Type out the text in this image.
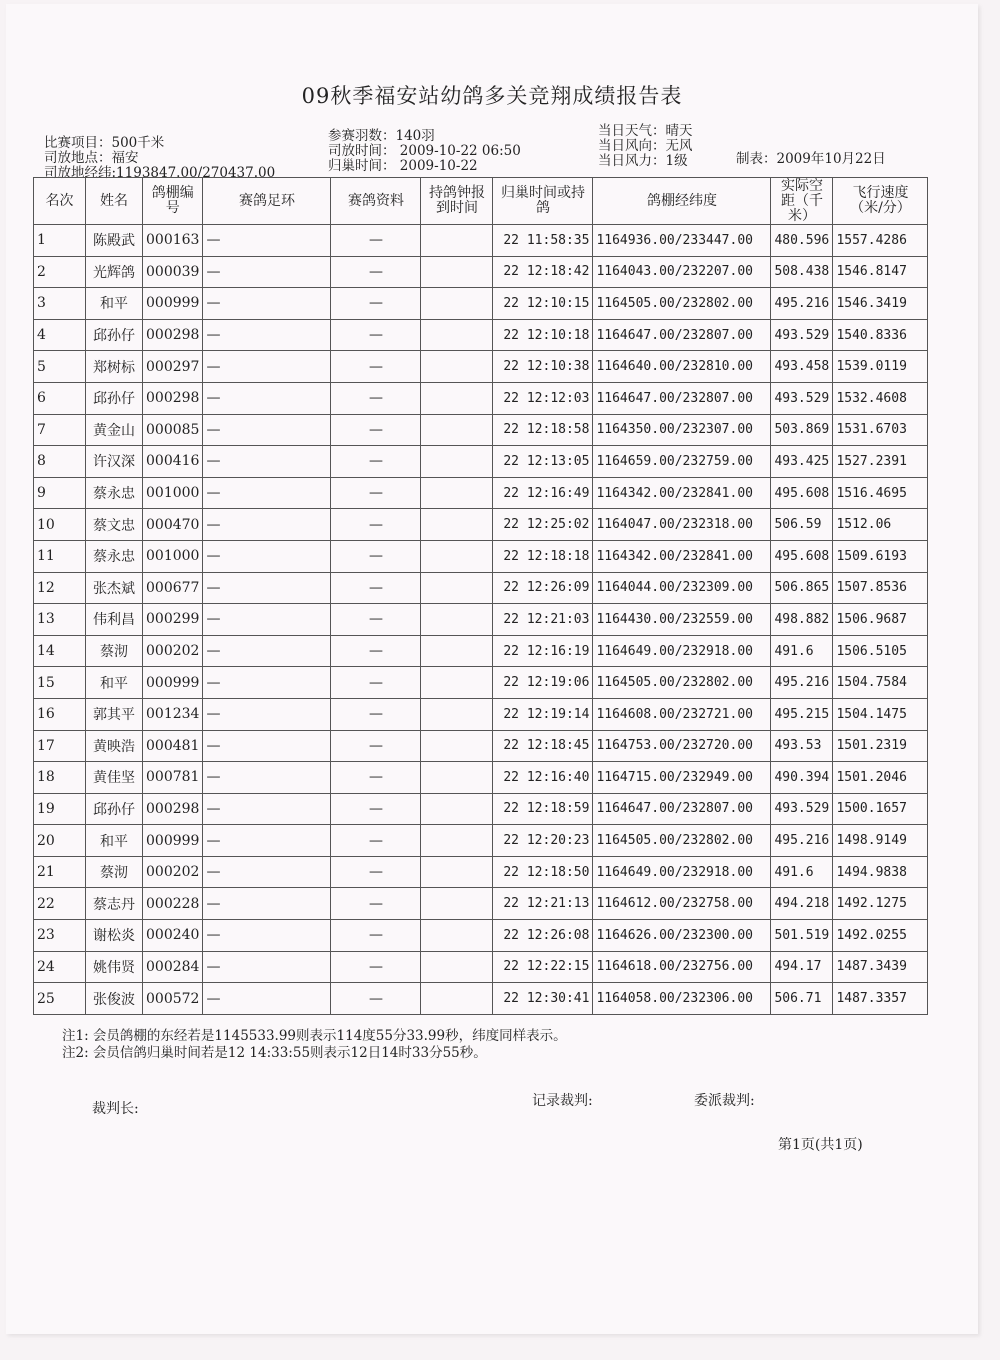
09秋季福安站幼鸽多关竞翔成绩报告表
比赛项目：500千米
司放地点：福安
司放地经纬:1193847.00/270437.00
参赛羽数：140羽
司放时间： 2009-10-22 06:50
归巢时间： 2009-10-22
当日天气：晴天
当日风向：无风
当日风力：1级	制表：2009年10月22日
名次	姓名	鸽棚编号	赛鸽足环	赛鸽资料	持鸽钟报到时间	归巢时间或持鸽	鸽棚经纬度	实际空距（千米）	飞行速度（米/分）
1	陈殿武	000163	—	—		22 11:58:35	1164936.00/233447.00	480.596	1557.4286
2	光辉鸽	000039	—	—		22 12:18:42	1164043.00/232207.00	508.438	1546.8147
3	和平	000999	—	—		22 12:10:15	1164505.00/232802.00	495.216	1546.3419
4	邱孙仔	000298	—	—		22 12:10:18	1164647.00/232807.00	493.529	1540.8336
5	郑树标	000297	—	—		22 12:10:38	1164640.00/232810.00	493.458	1539.0119
6	邱孙仔	000298	—	—		22 12:12:03	1164647.00/232807.00	493.529	1532.4608
7	黄金山	000085	—	—		22 12:18:58	1164350.00/232307.00	503.869	1531.6703
8	许汉深	000416	—	—		22 12:13:05	1164659.00/232759.00	493.425	1527.2391
9	蔡永忠	001000	—	—		22 12:16:49	1164342.00/232841.00	495.608	1516.4695
10	蔡文忠	000470	—	—		22 12:25:02	1164047.00/232318.00	506.59	1512.06
11	蔡永忠	001000	—	—		22 12:18:18	1164342.00/232841.00	495.608	1509.6193
12	张杰斌	000677	—	—		22 12:26:09	1164044.00/232309.00	506.865	1507.8536
13	伟利昌	000299	—	—		22 12:21:03	1164430.00/232559.00	498.882	1506.9687
14	蔡沏	000202	—	—		22 12:16:19	1164649.00/232918.00	491.6	1506.5105
15	和平	000999	—	—		22 12:19:06	1164505.00/232802.00	495.216	1504.7584
16	郭其平	001234	—	—		22 12:19:14	1164608.00/232721.00	495.215	1504.1475
17	黄映浩	000481	—	—		22 12:18:45	1164753.00/232720.00	493.53	1501.2319
18	黄佳坚	000781	—	—		22 12:16:40	1164715.00/232949.00	490.394	1501.2046
19	邱孙仔	000298	—	—		22 12:18:59	1164647.00/232807.00	493.529	1500.1657
20	和平	000999	—	—		22 12:20:23	1164505.00/232802.00	495.216	1498.9149
21	蔡沏	000202	—	—		22 12:18:50	1164649.00/232918.00	491.6	1494.9838
22	蔡志丹	000228	—	—		22 12:21:13	1164612.00/232758.00	494.218	1492.1275
23	谢松炎	000240	—	—		22 12:26:08	1164626.00/232300.00	501.519	1492.0255
24	姚伟贤	000284	—	—		22 12:22:15	1164618.00/232756.00	494.17	1487.3439
25	张俊波	000572	—	—		22 12:30:41	1164058.00/232306.00	506.71	1487.3357
注1: 会员鸽棚的东经若是1145533.99则表示114度55分33.99秒，纬度同样表示。
注2: 会员信鸽归巢时间若是12 14:33:55则表示12日14时33分55秒。
裁判长:	记录裁判:	委派裁判:
第1页(共1页)
